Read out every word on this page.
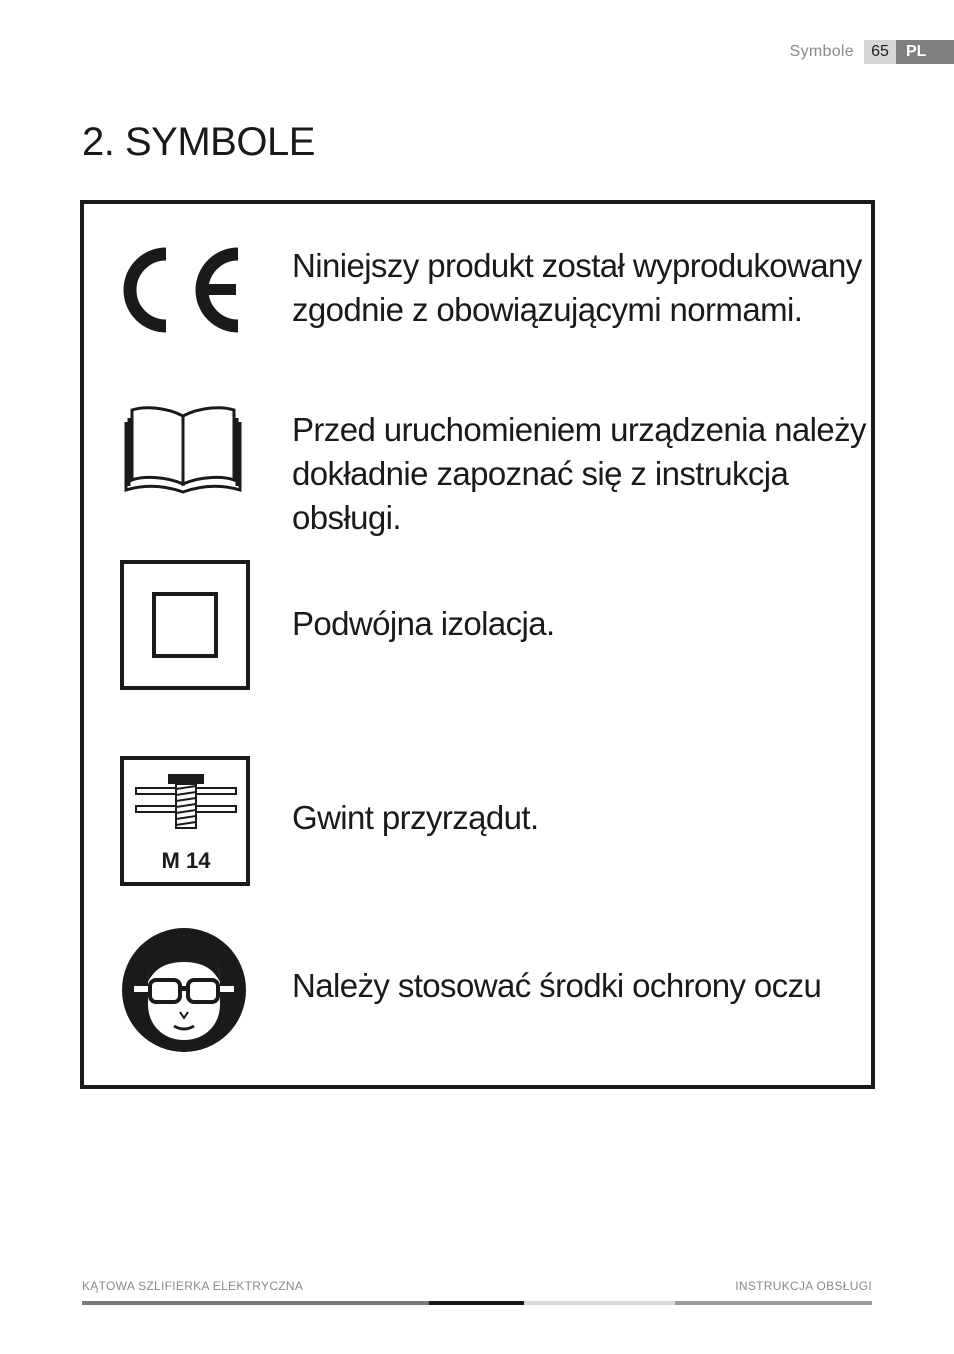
Symbole	65	PL
2. SYMBOLE

Niniejszy produkt został wyprodukowany zgodnie z obowiązującymi normami.

Przed uruchomieniem urządzenia należy dokładnie zapoznać się z instrukcja obsługi.

Podwójna izolacja.

M 14

Gwint przyrządut.

Należy stosować środki ochrony oczu

KĄTOWA SZLIFIERKA ELEKTRYCZNA	INSTRUKCJA OBSŁUGI
